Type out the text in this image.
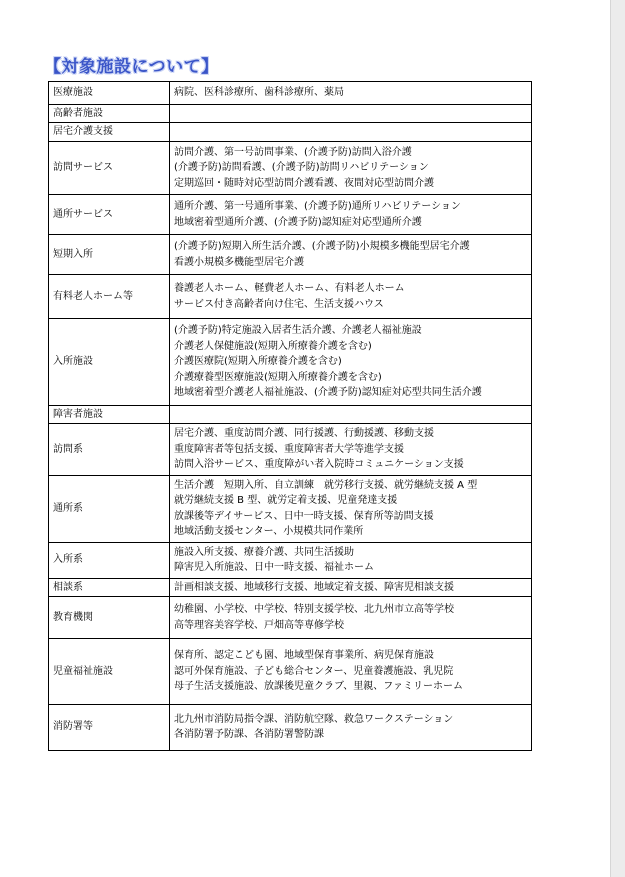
【対象施設について】
医療施設	病院、医科診療所、歯科診療所、薬局

高齢者施設	
居宅介護支援	
訪問サービス	訪問介護、第一号訪問事業、(介護予防)訪問入浴介護
(介護予防)訪問看護、(介護予防)訪問リハビリテーション
定期巡回・随時対応型訪問介護看護、夜間対応型訪問介護

通所サービス	通所介護、第一号通所事業、(介護予防)通所リハビリテーション
地域密着型通所介護、(介護予防)認知症対応型通所介護

短期入所	(介護予防)短期入所生活介護、(介護予防)小規模多機能型居宅介護
看護小規模多機能型居宅介護

有料老人ホーム等	養護老人ホーム、軽費老人ホーム、有料老人ホーム
サービス付き高齢者向け住宅、生活支援ハウス

入所施設	(介護予防)特定施設入居者生活介護、介護老人福祉施設
介護老人保健施設(短期入所療養介護を含む)
介護医療院(短期入所療養介護を含む)
介護療養型医療施設(短期入所療養介護を含む)
地域密着型介護老人福祉施設、(介護予防)認知症対応型共同生活介護

障害者施設	
訪問系	居宅介護、重度訪問介護、同行援護、行動援護、移動支援
重度障害者等包括支援、重度障害者大学等進学支援
訪問入浴サービス、重度障がい者入院時コミュニケーション支援

通所系	生活介護　短期入所、自立訓練　就労移行支援、就労継続支援 A 型
就労継続支援 B 型、就労定着支援、児童発達支援
放課後等デイサービス、日中一時支援、保育所等訪問支援
地域活動支援センター、小規模共同作業所

入所系	施設入所支援、療養介護、共同生活援助
障害児入所施設、日中一時支援、福祉ホーム

相談系	計画相談支援、地域移行支援、地域定着支援、障害児相談支援

教育機関	幼稚園、小学校、中学校、特別支援学校、北九州市立高等学校
高等理容美容学校、戸畑高等専修学校

児童福祉施設	保育所、認定こども園、地域型保育事業所、病児保育施設
認可外保育施設、子ども総合センター、児童養護施設、乳児院
母子生活支援施設、放課後児童クラブ、里親、ファミリーホーム

消防署等	北九州市消防局指令課、消防航空隊、救急ワークステーション
各消防署予防課、各消防署警防課
